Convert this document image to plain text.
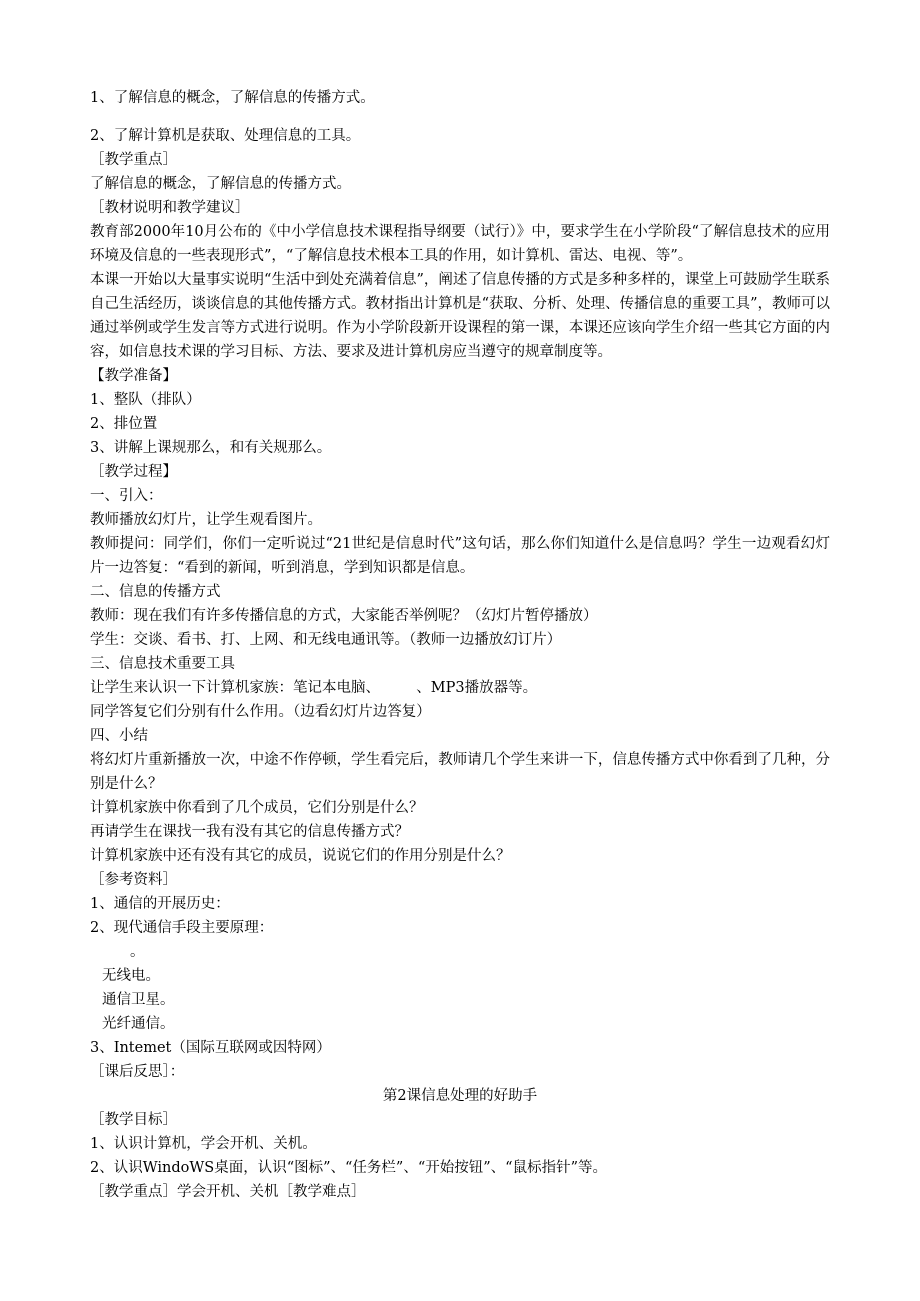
1、了解信息的概念，了解信息的传播方式。
2、了解计算机是获取、处理信息的工具。
［教学重点］
了解信息的概念，了解信息的传播方式。
［教材说明和教学建议］
教育部2000年10月公布的《中小学信息技术课程指导纲要（试行）》中，要求学生在小学阶段“了解信息技术的应用环境及信息的一些表现形式”，“了解信息技术根本工具的作用，如计算机、雷达、电视、等”。
本课一开始以大量事实说明“生活中到处充满着信息”，阐述了信息传播的方式是多种多样的，课堂上可鼓励学生联系自己生活经历，谈谈信息的其他传播方式。教材指出计算机是“获取、分析、处理、传播信息的重要工具”，教师可以通过举例或学生发言等方式进行说明。作为小学阶段新开设课程的第一课，本课还应该向学生介绍一些其它方面的内容，如信息技术课的学习目标、方法、要求及进计算机房应当遵守的规章制度等。
【教学准备】
1、整队（排队）
2、排位置
3、讲解上课规那么，和有关规那么。
［教学过程】
一、引入：
教师播放幻灯片，让学生观看图片。
教师提问：同学们，你们一定听说过“21世纪是信息时代”这句话，那么你们知道什么是信息吗？学生一边观看幻灯片一边答复：“看到的新闻，听到消息，学到知识都是信息。
二、信息的传播方式
教师：现在我们有许多传播信息的方式，大家能否举例呢？（幻灯片暂停播放）
学生：交谈、看书、打、上网、和无线电通讯等。（教师一边播放幻订片）
三、信息技术重要工具
让学生来认识一下计算机家族：笔记本电脑、　　　、MP3播放器等。
同学答复它们分别有什么作用。（边看幻灯片边答复）
四、小结
将幻灯片重新播放一次，中途不作停顿，学生看完后，教师请几个学生来讲一下，信息传播方式中你看到了几种，分别是什么？
计算机家族中你看到了几个成员，它们分别是什么？
再请学生在课找一我有没有其它的信息传播方式？
计算机家族中还有没有其它的成员，说说它们的作用分别是什么？
［参考资料］
1、通信的开展历史：
2、现代通信手段主要原理：
。
无线电。
通信卫星。
光纤通信。
3、Intemet（国际互联网或因特网）
［课后反思］：
第2课信息处理的好助手
［教学目标］
1、认识计算机，学会开机、关机。
2、认识WindoWS桌面，认识“图标”、“任务栏”、“开始按钮”、“鼠标指针”等。
［教学重点］学会开机、关机［教学难点］
